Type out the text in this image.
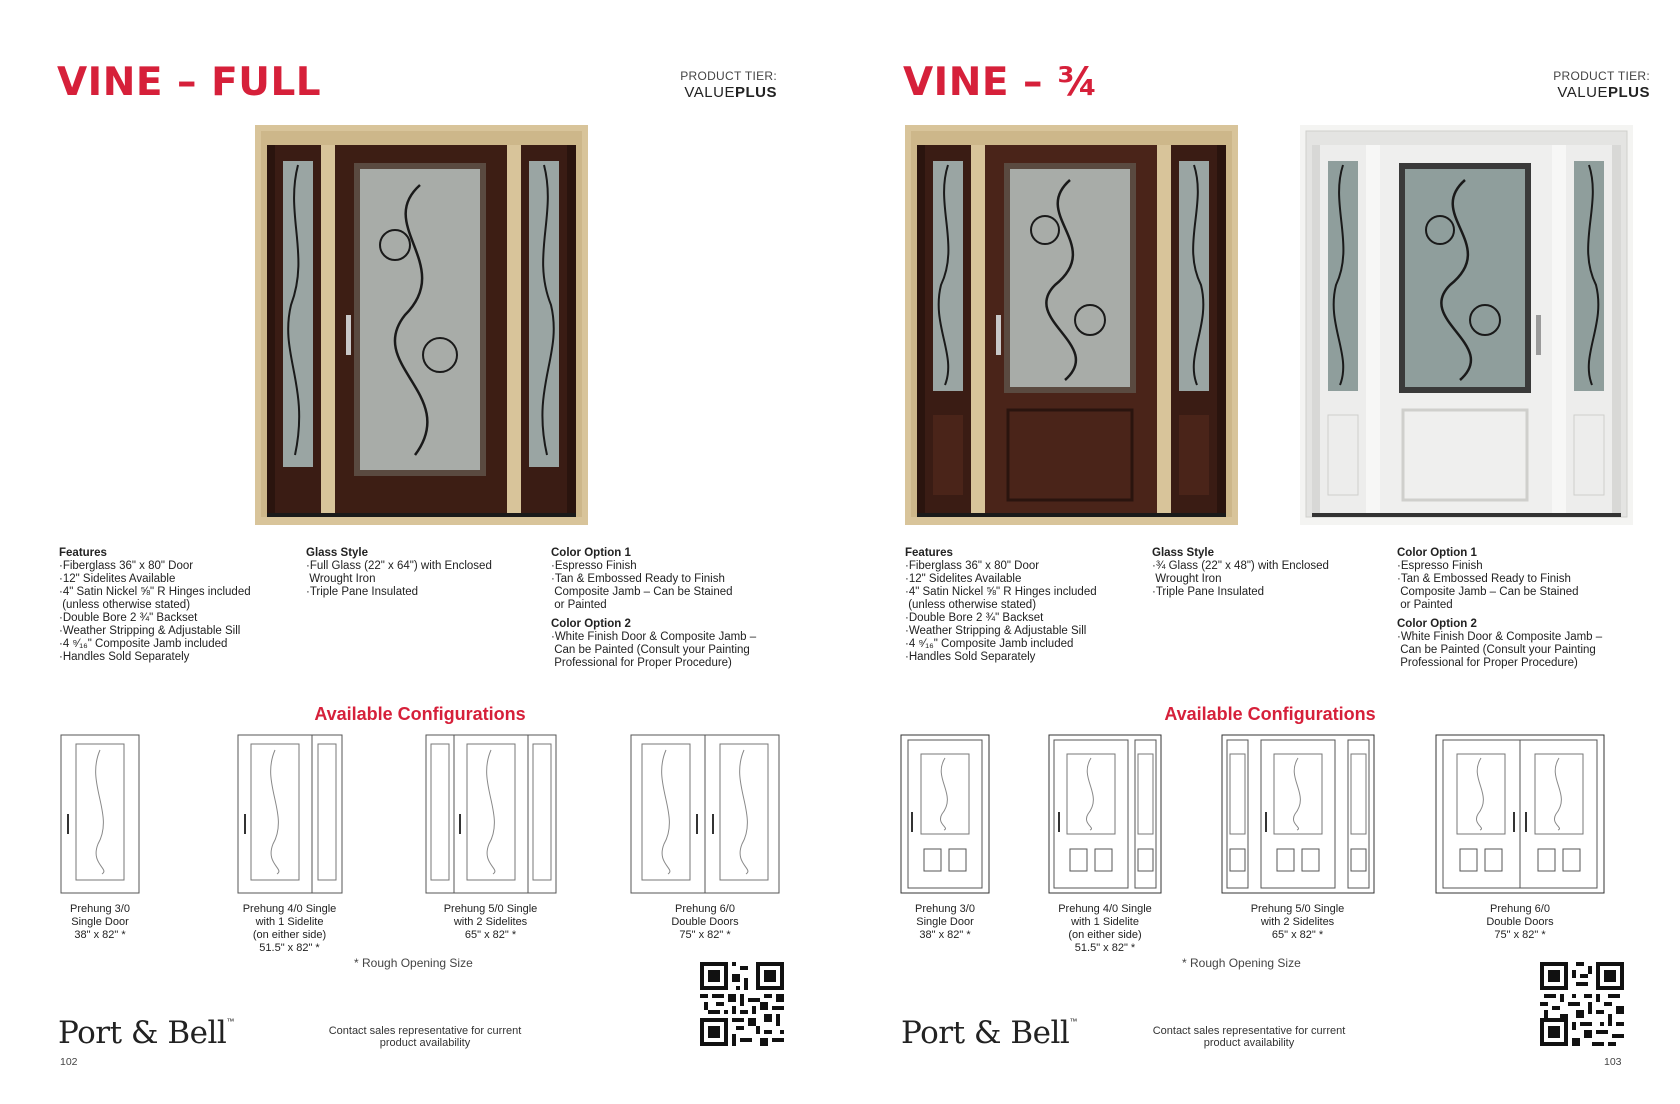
VINE – FULL	PRODUCT TIER:
VALUEPLUS
Features
·Fiberglass 36" x 80" Door
·12" Sidelites Available
·4" Satin Nickel ⅝" R Hinges included
(unless otherwise stated)
·Double Bore 2 ¾" Backset
·Weather Stripping & Adjustable Sill
·4 ⁹⁄₁₆" Composite Jamb included
·Handles Sold Separately
Glass Style
·Full Glass (22" x 64") with Enclosed
Wrought Iron
·Triple Pane Insulated
Color Option 1
·Espresso Finish
·Tan & Embossed Ready to Finish
Composite Jamb – Can be Stained
or Painted
Color Option 2
·White Finish Door & Composite Jamb –
Can be Painted (Consult your Painting
Professional for Proper Procedure)
Available Configurations
Prehung 3/0
Single Door
38" x 82" *
Prehung 4/0 Single
with 1 Sidelite
(on either side)
51.5" x 82" *
Prehung 5/0 Single
with 2 Sidelites
65" x 82" *
Prehung 6/0
Double Doors
75" x 82" *
* Rough Opening Size
Port & Bell™
Contact sales representative for current product availability
102
VINE – ¾	PRODUCT TIER:
VALUEPLUS
Features
·Fiberglass 36" x 80" Door
·12" Sidelites Available
·4" Satin Nickel ⅝" R Hinges included
(unless otherwise stated)
·Double Bore 2 ¾" Backset
·Weather Stripping & Adjustable Sill
·4 ⁹⁄₁₆" Composite Jamb included
·Handles Sold Separately
Glass Style
·¾ Glass (22" x 48") with Enclosed
Wrought Iron
·Triple Pane Insulated
Color Option 1
·Espresso Finish
·Tan & Embossed Ready to Finish
Composite Jamb – Can be Stained
or Painted
Color Option 2
·White Finish Door & Composite Jamb –
Can be Painted (Consult your Painting
Professional for Proper Procedure)
Available Configurations
Prehung 3/0
Single Door
38" x 82" *
Prehung 4/0 Single
with 1 Sidelite
(on either side)
51.5" x 82" *
Prehung 5/0 Single
with 2 Sidelites
65" x 82" *
Prehung 6/0
Double Doors
75" x 82" *
* Rough Opening Size
Port & Bell™
Contact sales representative for current product availability
103
